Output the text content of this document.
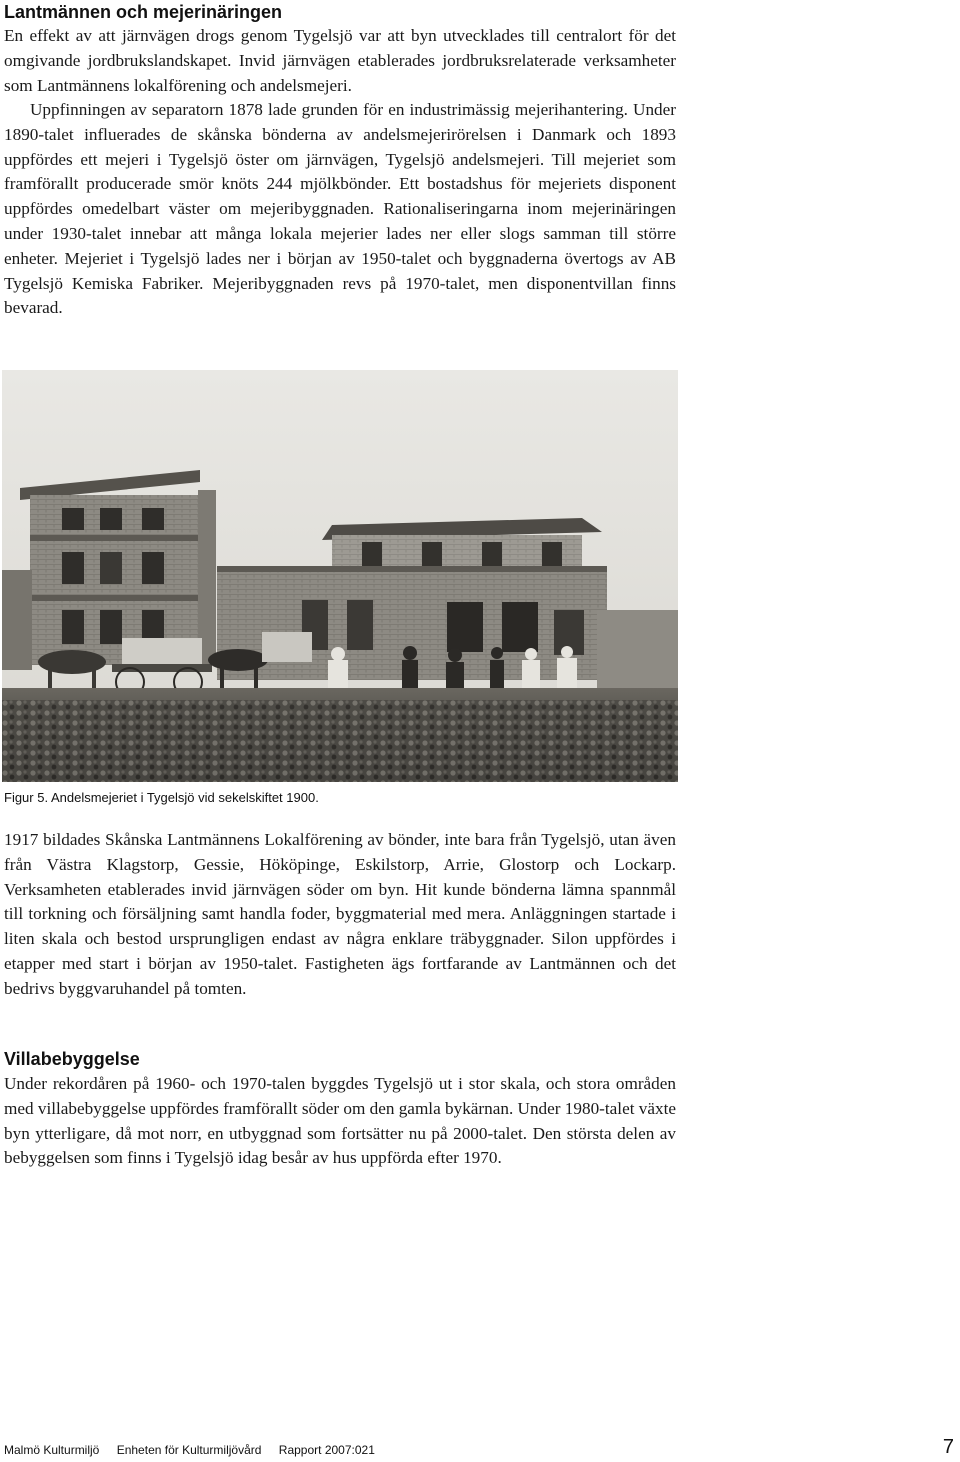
Lantmännen och mejerinäringen

En effekt av att järnvägen drogs genom Tygelsjö var att byn utvecklades till centralort för det omgivande jordbrukslandskapet. Invid järnvägen etablerades jordbruksrelaterade verksamheter som Lantmännens lokalförening och andelsmejeri.

Uppfinningen av separatorn 1878 lade grunden för en industrimässig mejerihantering. Under 1890-talet influerades de skånska bönderna av andelsmejerirörelsen i Danmark och 1893 uppfördes ett mejeri i Tygelsjö öster om järnvägen, Tygelsjö andelsmejeri. Till mejeriet som framförallt producerade smör knöts 244 mjölkbönder. Ett bostadshus för mejeriets disponent uppfördes omedelbart väster om mejeribyggnaden. Rationaliseringarna inom mejerinäringen under 1930-talet innebar att många lokala mejerier lades ner eller slogs samman till större enheter. Mejeriet i Tygelsjö lades ner i början av 1950-talet och byggnaderna övertogs av AB Tygelsjö Kemiska Fabriker. Mejeribyggnaden revs på 1970-talet, men disponentvillan finns bevarad.

Figur 5. Andelsmejeriet i Tygelsjö vid sekelskiftet 1900.

1917 bildades Skånska Lantmännens Lokalförening av bönder, inte bara från Tygelsjö, utan även från Västra Klagstorp, Gessie, Hököpinge, Eskilstorp, Arrie, Glostorp och Lockarp. Verksamheten etablerades invid järnvägen söder om byn. Hit kunde bönderna lämna spannmål till torkning och försäljning samt handla foder, byggmaterial med mera. Anläggningen startade i liten skala och bestod ursprungligen endast av några enklare träbyggnader. Silon uppfördes i etapper med start i början av 1950-talet. Fastigheten ägs fortfarande av Lantmännen och det bedrivs byggvaruhandel på tomten.

Villabebyggelse

Under rekordåren på 1960- och 1970-talen byggdes Tygelsjö ut i stor skala, och stora områden med villabebyggelse uppfördes framförallt söder om den gamla bykärnan. Under 1980-talet växte byn ytterligare, då mot norr, en utbyggnad som fortsätter nu på 2000-talet. Den största delen av bebyggelsen som finns i Tygelsjö idag besår av hus uppförda efter 1970.

Malmö Kulturmiljö Enheten för Kulturmiljövård Rapport 2007:021	7
